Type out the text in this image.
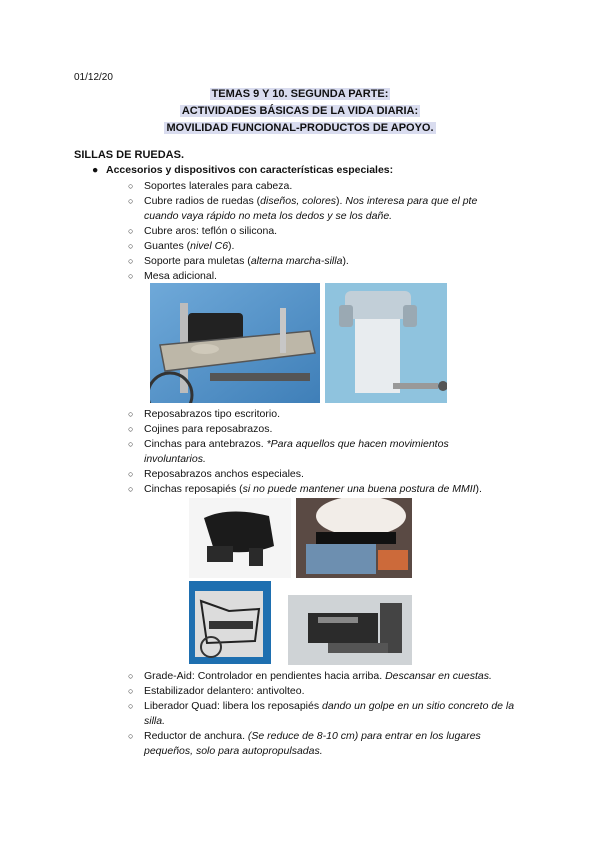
01/12/20
TEMAS 9 Y 10. SEGUNDA PARTE:
ACTIVIDADES BÁSICAS DE LA VIDA DIARIA:
MOVILIDAD FUNCIONAL-PRODUCTOS DE APOYO.
SILLAS DE RUEDAS.
● Accesorios y dispositivos con características especiales:
○ Soportes laterales para cabeza.
○ Cubre radios de ruedas (diseños, colores). Nos interesa para que el pte cuando vaya rápido no meta los dedos y se los dañe.
○ Cubre aros: teflón o silicona.
○ Guantes (nivel C6).
○ Soporte para muletas (alterna marcha-silla).
○ Mesa adicional.
○ Reposabrazos tipo escritorio.
○ Cojines para reposabrazos.
○ Cinchas para antebrazos. *Para aquellos que hacen movimientos involuntarios.
○ Reposabrazos anchos especiales.
○ Cinchas reposapiés (si no puede mantener una buena postura de MMII).
○ Grade-Aid: Controlador en pendientes hacia arriba. Descansar en cuestas.
○ Estabilizador delantero: antivolteo.
○ Liberador Quad: libera los reposapiés dando un golpe en un sitio concreto de la silla.
○ Reductor de anchura. (Se reduce de 8-10 cm) para entrar en los lugares pequeños, solo para autopropulsadas.
